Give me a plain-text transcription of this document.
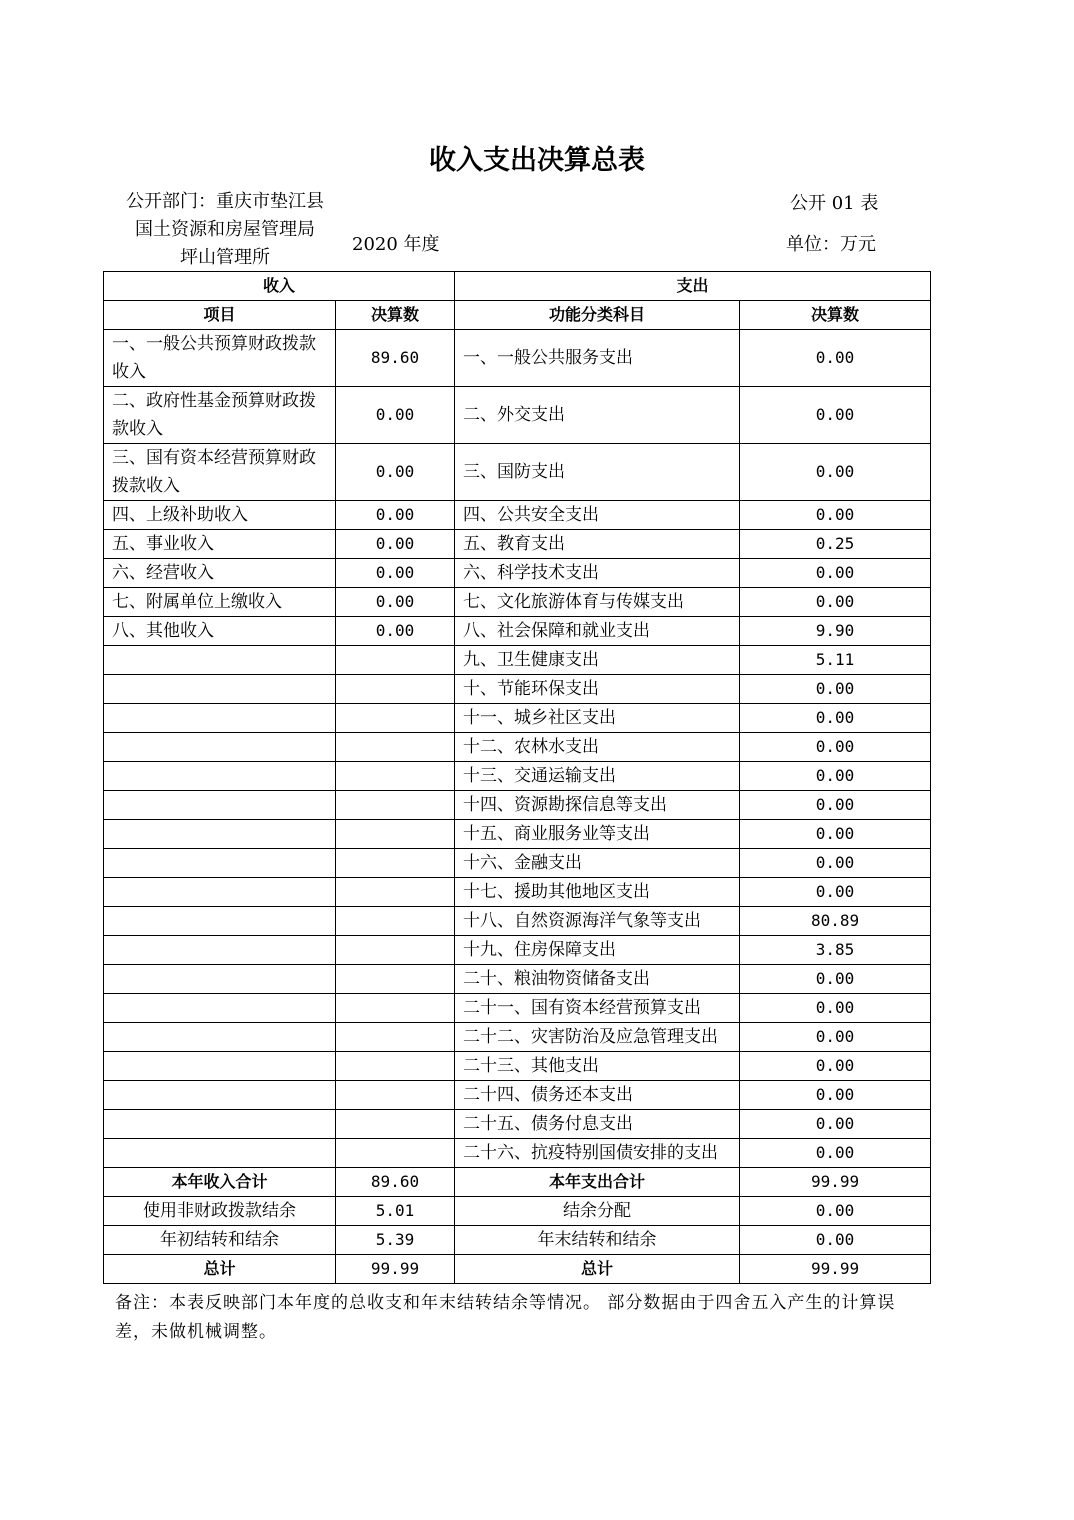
收入支出决算总表
公开部门：重庆市垫江县
国土资源和房屋管理局
坪山管理所
2020 年度
公开 01 表
单位：万元
收入		支出	
项目	决算数	功能分类科目	决算数
一、一般公共预算财政拨款收入	89.60	一、一般公共服务支出	0.00
二、政府性基金预算财政拨款收入	0.00	二、外交支出	0.00
三、国有资本经营预算财政拨款收入	0.00	三、国防支出	0.00
四、上级补助收入	0.00	四、公共安全支出	0.00
五、事业收入	0.00	五、教育支出	0.25
六、经营收入	0.00	六、科学技术支出	0.00
七、附属单位上缴收入	0.00	七、文化旅游体育与传媒支出	0.00
八、其他收入	0.00	八、社会保障和就业支出	9.90
		九、卫生健康支出	5.11
		十、节能环保支出	0.00
		十一、城乡社区支出	0.00
		十二、农林水支出	0.00
		十三、交通运输支出	0.00
		十四、资源勘探信息等支出	0.00
		十五、商业服务业等支出	0.00
		十六、金融支出	0.00
		十七、援助其他地区支出	0.00
		十八、自然资源海洋气象等支出	80.89
		十九、住房保障支出	3.85
		二十、粮油物资储备支出	0.00
		二十一、国有资本经营预算支出	0.00
		二十二、灾害防治及应急管理支出	0.00
		二十三、其他支出	0.00
		二十四、债务还本支出	0.00
		二十五、债务付息支出	0.00
		二十六、抗疫特别国债安排的支出	0.00
本年收入合计	89.60	本年支出合计	99.99
使用非财政拨款结余	5.01	结余分配	0.00
年初结转和结余	5.39	年末结转和结余	0.00
总计	99.99	总计	99.99
备注：本表反映部门本年度的总收支和年末结转结余等情况。 部分数据由于四舍五入产生的计算误差，未做机械调整。
